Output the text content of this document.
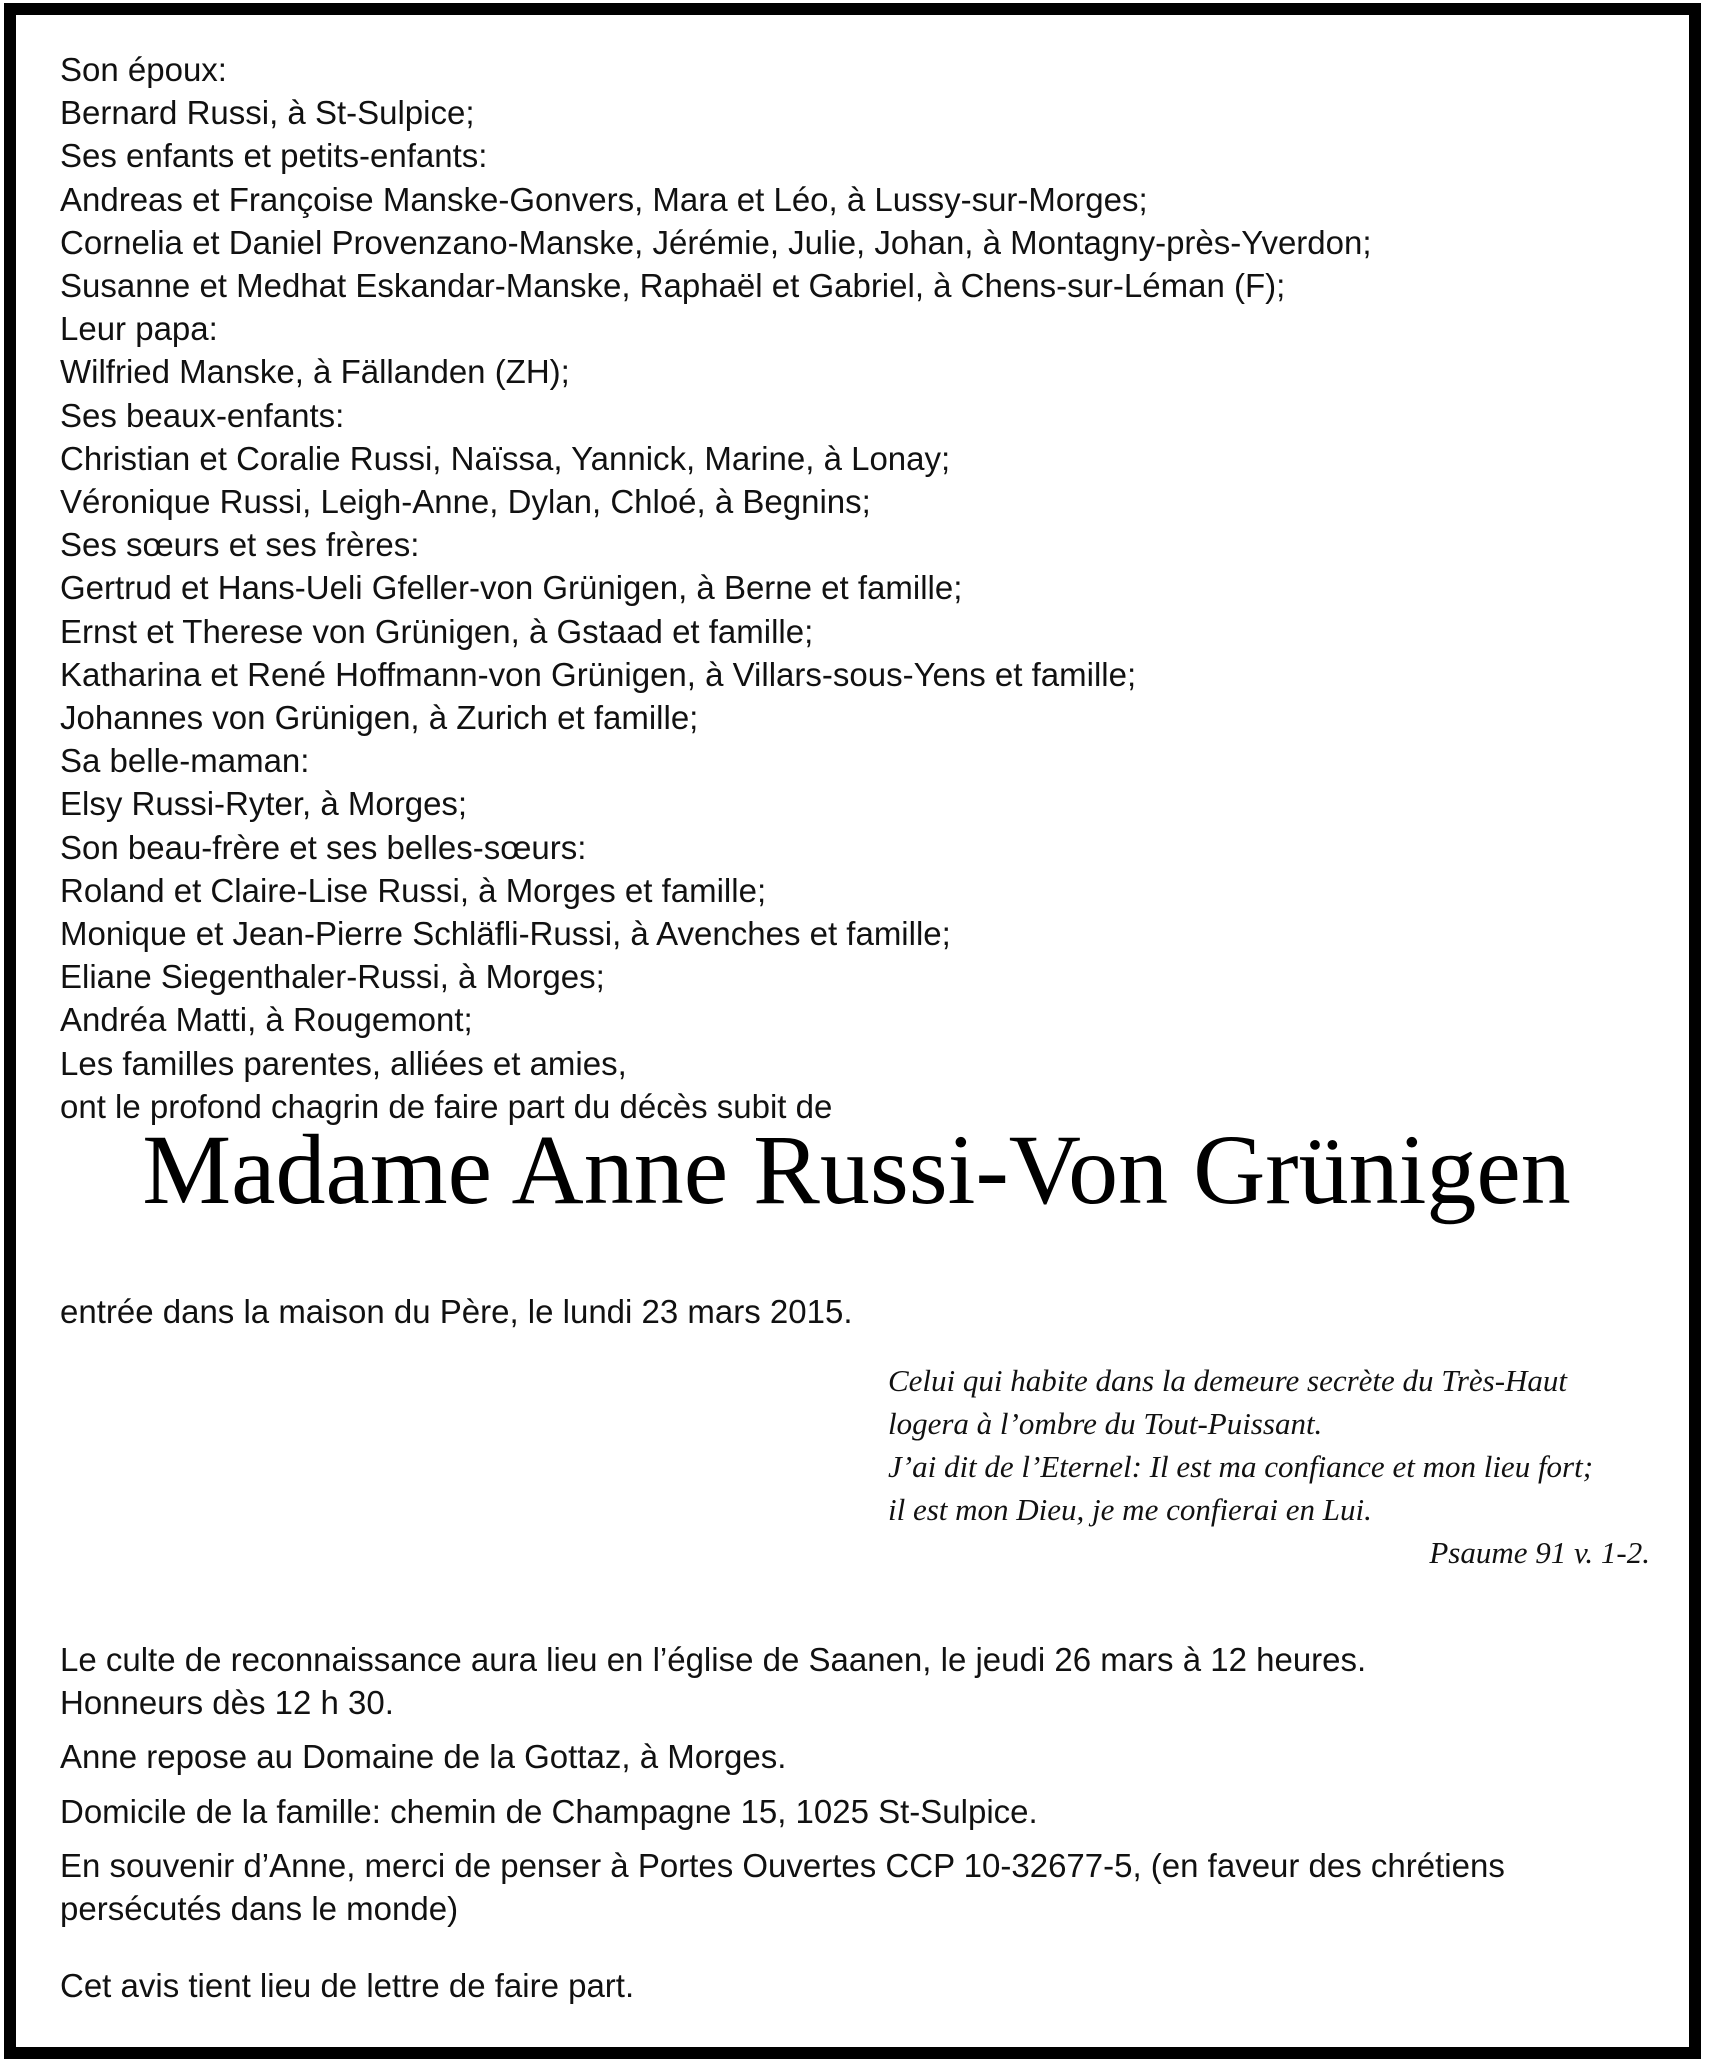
Son époux:

Bernard Russi, à St-Sulpice;

Ses enfants et petits-enfants:

Andreas et Françoise Manske-Gonvers, Mara et Léo, à Lussy-sur-Morges;

Cornelia et Daniel Provenzano-Manske, Jérémie, Julie, Johan, à Montagny-près-Yverdon;

Susanne et Medhat Eskandar-Manske, Raphaël et Gabriel, à Chens-sur-Léman (F);

Leur papa:

Wilfried Manske, à Fällanden (ZH);

Ses beaux-enfants:

Christian et Coralie Russi, Naïssa, Yannick, Marine, à Lonay;

Véronique Russi, Leigh-Anne, Dylan, Chloé, à Begnins;

Ses sœurs et ses frères:

Gertrud et Hans-Ueli Gfeller-von Grünigen, à Berne et famille;

Ernst et Therese von Grünigen, à Gstaad et famille;

Katharina et René Hoffmann-von Grünigen, à Villars-sous-Yens et famille;

Johannes von Grünigen, à Zurich et famille;

Sa belle-maman:

Elsy Russi-Ryter, à Morges;

Son beau-frère et ses belles-sœurs:

Roland et Claire-Lise Russi, à Morges et famille;

Monique et Jean-Pierre Schläfli-Russi, à Avenches et famille;

Eliane Siegenthaler-Russi, à Morges;

Andréa Matti, à Rougemont;

Les familles parentes, alliées et amies,

ont le profond chagrin de faire part du décès subit de

Madame Anne Russi-Von Grünigen

entrée dans la maison du Père, le lundi 23 mars 2015.

Celui qui habite dans la demeure secrète du Très-Haut

logera à l’ombre du Tout-Puissant.

J’ai dit de l’Eternel: Il est ma confiance et mon lieu fort;

il est mon Dieu, je me confierai en Lui.

Psaume 91 v. 1-2.

Le culte de reconnaissance aura lieu en l’église de Saanen, le jeudi 26 mars à 12 heures.

Honneurs dès 12 h 30.

Anne repose au Domaine de la Gottaz, à Morges.

Domicile de la famille: chemin de Champagne 15, 1025 St-Sulpice.

En souvenir d’Anne, merci de penser à Portes Ouvertes CCP 10-32677-5, (en faveur des chrétiens persécutés dans le monde)

Cet avis tient lieu de lettre de faire part.
